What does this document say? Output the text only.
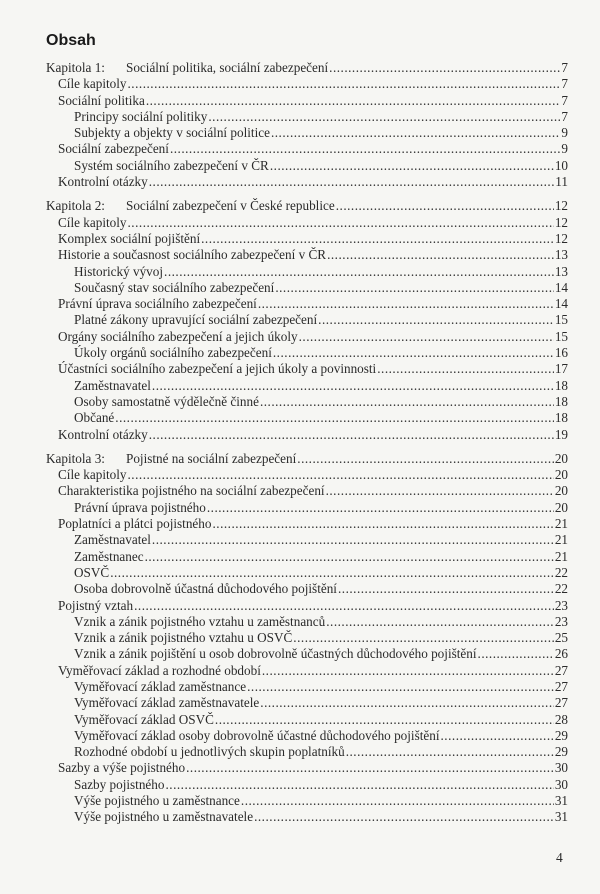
Obsah
Kapitola 1:	Sociální politika, sociální zabezpečení .....	7
Cíle kapitoly .....	7
Sociální politika .....	7
Principy sociální politiky .....	7
Subjekty a objekty v sociální politice .....	9
Sociální zabezpečení .....	9
Systém sociálního zabezpečení v ČR .....	10
Kontrolní otázky .....	11
Kapitola 2:	Sociální zabezpečení v České republice .....	12
Cíle kapitoly .....	12
Komplex sociální pojištění .....	12
Historie a současnost sociálního zabezpečení v ČR .....	13
Historický vývoj .....	13
Současný stav sociálního zabezpečení .....	14
Právní úprava sociálního zabezpečení .....	14
Platné zákony upravující sociální zabezpečení .....	15
Orgány sociálního zabezpečení a jejich úkoly .....	15
Úkoly orgánů sociálního zabezpečení .....	16
Účastníci sociálního zabezpečení a jejich úkoly a povinnosti .....	17
Zaměstnavatel .....	18
Osoby samostatně výdělečně činné .....	18
Občané .....	18
Kontrolní otázky .....	19
Kapitola 3:	Pojistné na sociální zabezpečení .....	20
Cíle kapitoly .....	20
Charakteristika pojistného na sociální zabezpečení .....	20
Právní úprava pojistného .....	20
Poplatníci a plátci pojistného .....	21
Zaměstnavatel .....	21
Zaměstnanec .....	21
OSVČ .....	22
Osoba dobrovolně účastná důchodového pojištění .....	22
Pojistný vztah .....	23
Vznik a zánik pojistného vztahu u zaměstnanců .....	23
Vznik a zánik pojistného vztahu u OSVČ .....	25
Vznik a zánik pojištění u osob dobrovolně účastných důchodového pojištění .....	26
Vyměřovací základ a rozhodné období .....	27
Vyměřovací základ zaměstnance .....	27
Vyměřovací základ zaměstnavatele .....	27
Vyměřovací základ OSVČ .....	28
Vyměřovací základ osoby dobrovolně účastné důchodového pojištění .....	29
Rozhodné období u jednotlivých skupin poplatníků .....	29
Sazby a výše pojistného .....	30
Sazby pojistného .....	30
Výše pojistného u zaměstnance .....	31
Výše pojistného u zaměstnavatele .....	31
4
